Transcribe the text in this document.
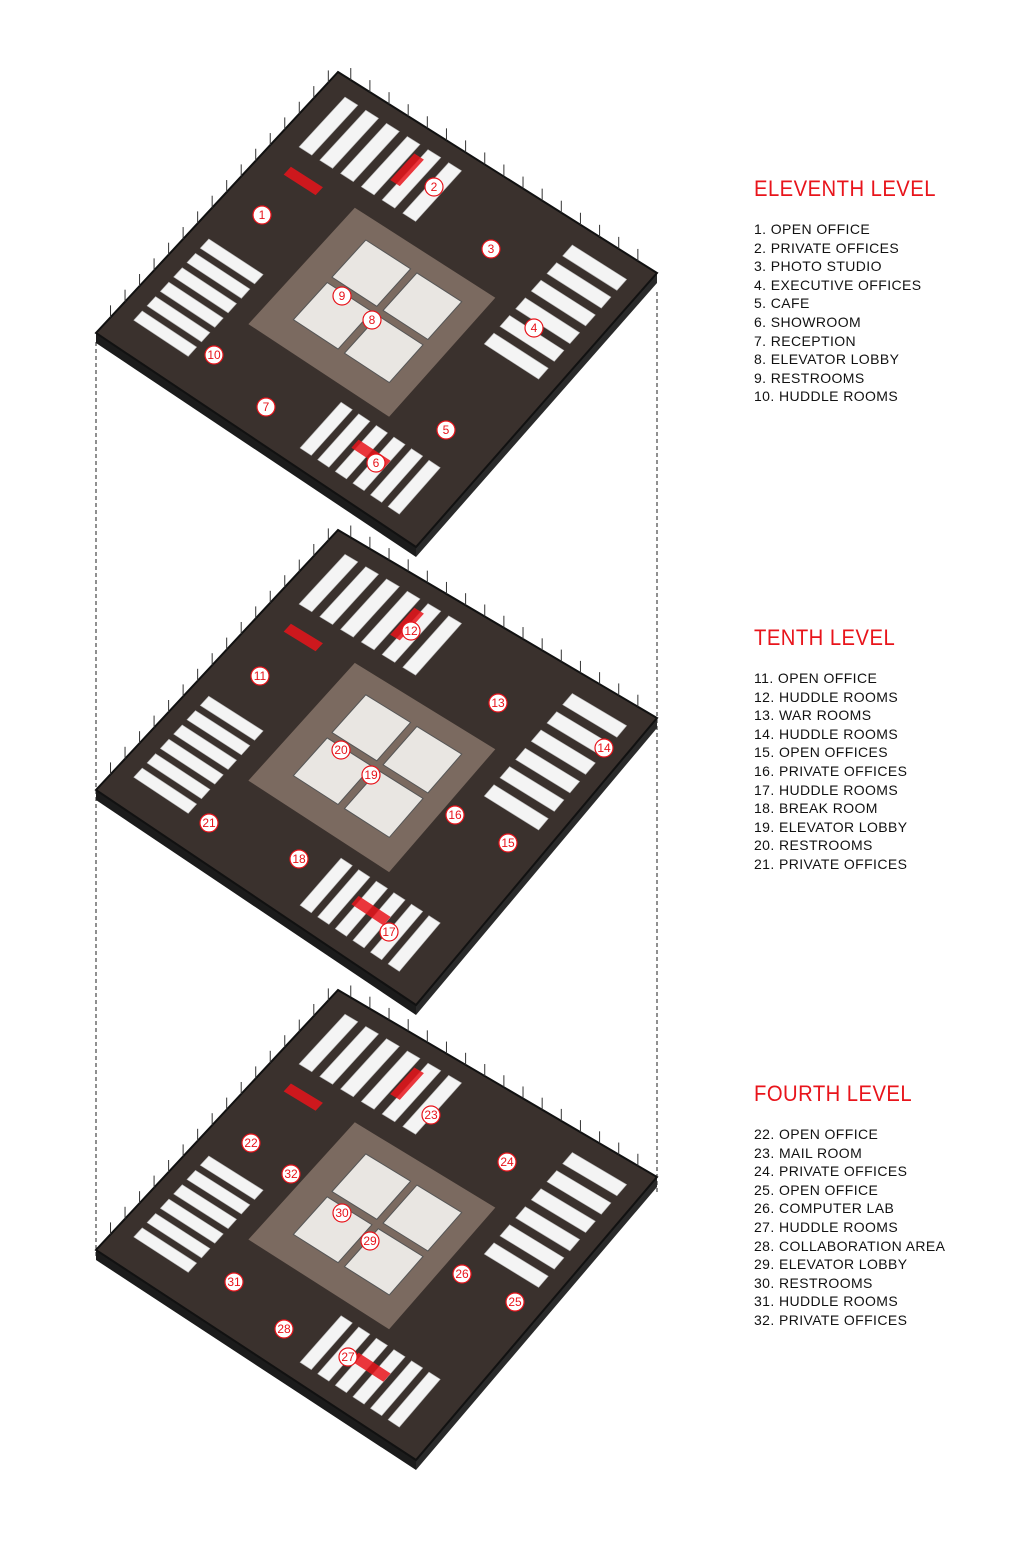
1
2
3
4
5
6
7
8
9
10
11
12
13
14
15
16
17
18
19
20
21
22
23
24
25
26
27
28
29
30
31
32
ELEVENTH LEVEL
1. OPEN OFFICE
2. PRIVATE OFFICES
3. PHOTO STUDIO
4. EXECUTIVE OFFICES
5. CAFE
6. SHOWROOM
7. RECEPTION
8. ELEVATOR LOBBY
9. RESTROOMS
10. HUDDLE ROOMS
TENTH LEVEL
11. OPEN OFFICE
12. HUDDLE ROOMS
13. WAR ROOMS
14. HUDDLE ROOMS
15. OPEN OFFICES
16. PRIVATE OFFICES
17. HUDDLE ROOMS
18. BREAK ROOM
19. ELEVATOR LOBBY
20. RESTROOMS
21. PRIVATE OFFICES
FOURTH LEVEL
22. OPEN OFFICE
23. MAIL ROOM
24. PRIVATE OFFICES
25. OPEN OFFICE
26. COMPUTER LAB
27. HUDDLE ROOMS
28. COLLABORATION AREA
29. ELEVATOR LOBBY
30. RESTROOMS
31. HUDDLE ROOMS
32. PRIVATE OFFICES
